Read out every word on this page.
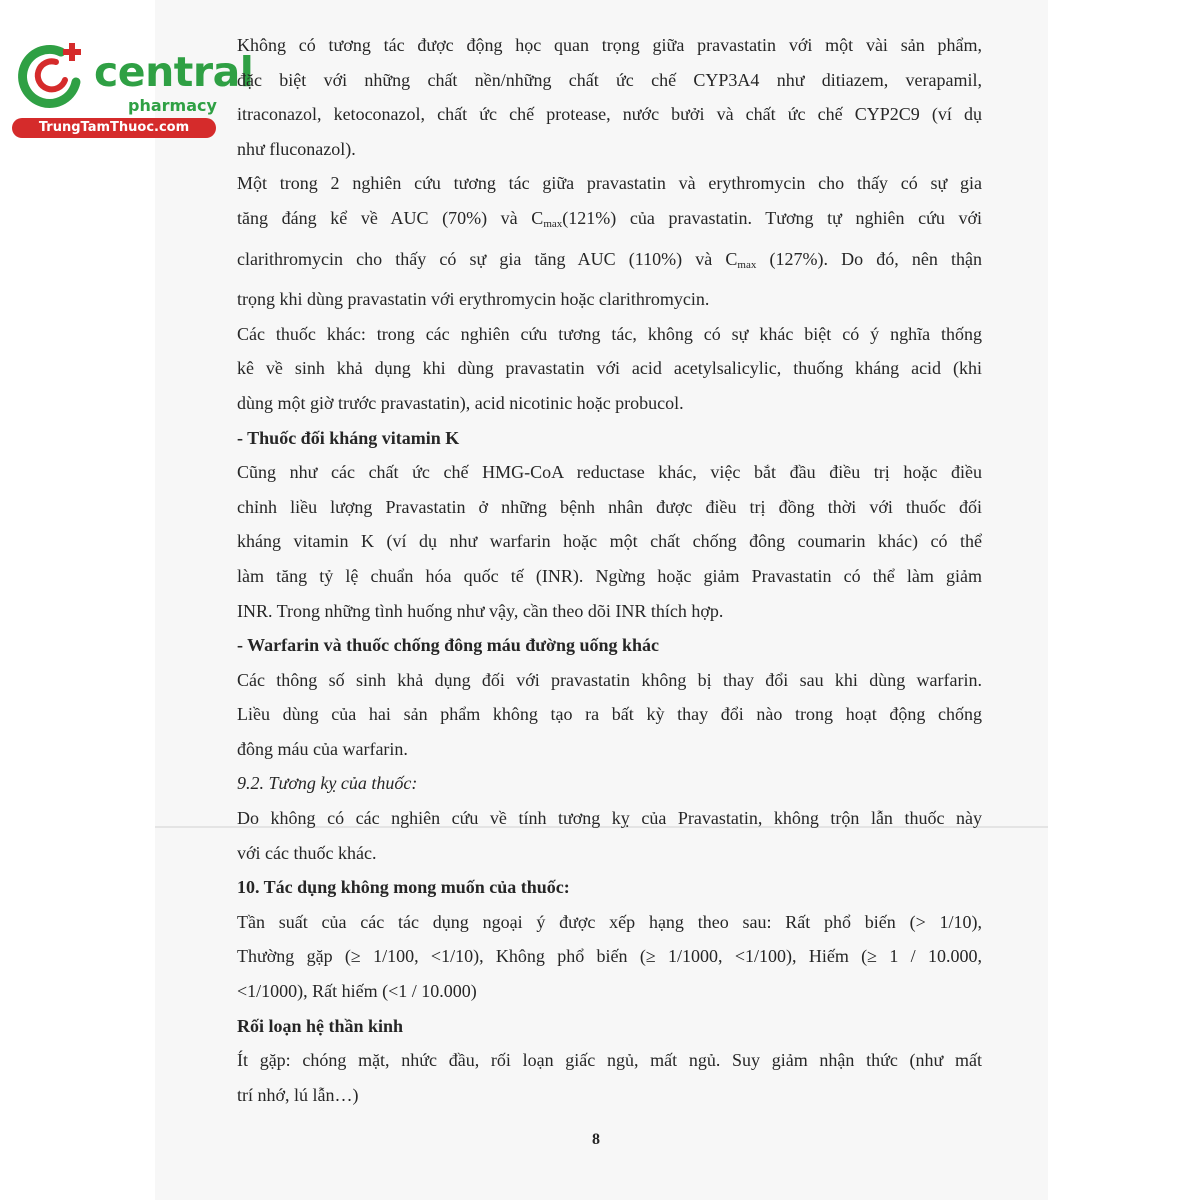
central
pharmacy
TrungTamThuoc.com

Không có tương tác được động học quan trọng giữa pravastatin với một vài sản phẩm,

đặc biệt với những chất nền/những chất ức chế CYP3A4 như ditiazem, verapamil,

itraconazol, ketoconazol, chất ức chế protease, nước bưởi và chất ức chế CYP2C9 (ví dụ

như fluconazol).

Một trong 2 nghiên cứu tương tác giữa pravastatin và erythromycin cho thấy có sự gia

tăng đáng kể về AUC (70%) và $C_{max}(121\%)$ của pravastatin. Tương tự nghiên cứu với

clarithromycin cho thấy có sự gia tăng AUC (110%) và $C_{max}$ (127%). Do đó, nên thận

trọng khi dùng pravastatin với erythromycin hoặc clarithromycin.

Các thuốc khác: trong các nghiên cứu tương tác, không có sự khác biệt có ý nghĩa thống

kê về sinh khả dụng khi dùng pravastatin với acid acetylsalicylic, thuống kháng acid (khi

dùng một giờ trước pravastatin), acid nicotinic hoặc probucol.

- Thuốc đối kháng vitamin K

Cũng như các chất ức chế HMG-CoA reductase khác, việc bắt đầu điều trị hoặc điều

chỉnh liều lượng Pravastatin ở những bệnh nhân được điều trị đồng thời với thuốc đối

kháng vitamin K (ví dụ như warfarin hoặc một chất chống đông coumarin khác) có thể

làm tăng tỷ lệ chuẩn hóa quốc tế (INR). Ngừng hoặc giảm Pravastatin có thể làm giảm

INR. Trong những tình huống như vậy, cần theo dõi INR thích hợp.

- Warfarin và thuốc chống đông máu đường uống khác

Các thông số sinh khả dụng đối với pravastatin không bị thay đổi sau khi dùng warfarin.

Liều dùng của hai sản phẩm không tạo ra bất kỳ thay đổi nào trong hoạt động chống

đông máu của warfarin.

9.2. Tương kỵ của thuốc:

Do không có các nghiên cứu về tính tương kỵ của Pravastatin, không trộn lẫn thuốc này

với các thuốc khác.

10. Tác dụng không mong muốn của thuốc:

Tần suất của các tác dụng ngoại ý được xếp hạng theo sau: Rất phổ biến (> 1/10),

Thường gặp (≥ 1/100, <1/10), Không phổ biến (≥ 1/1000, <1/100), Hiếm (≥ 1 / 10.000,

<1/1000), Rất hiếm (<1 / 10.000)

Rối loạn hệ thần kinh

Ít gặp: chóng mặt, nhức đầu, rối loạn giấc ngủ, mất ngủ. Suy giảm nhận thức (như mất

trí nhớ, lú lẫn…)

8
